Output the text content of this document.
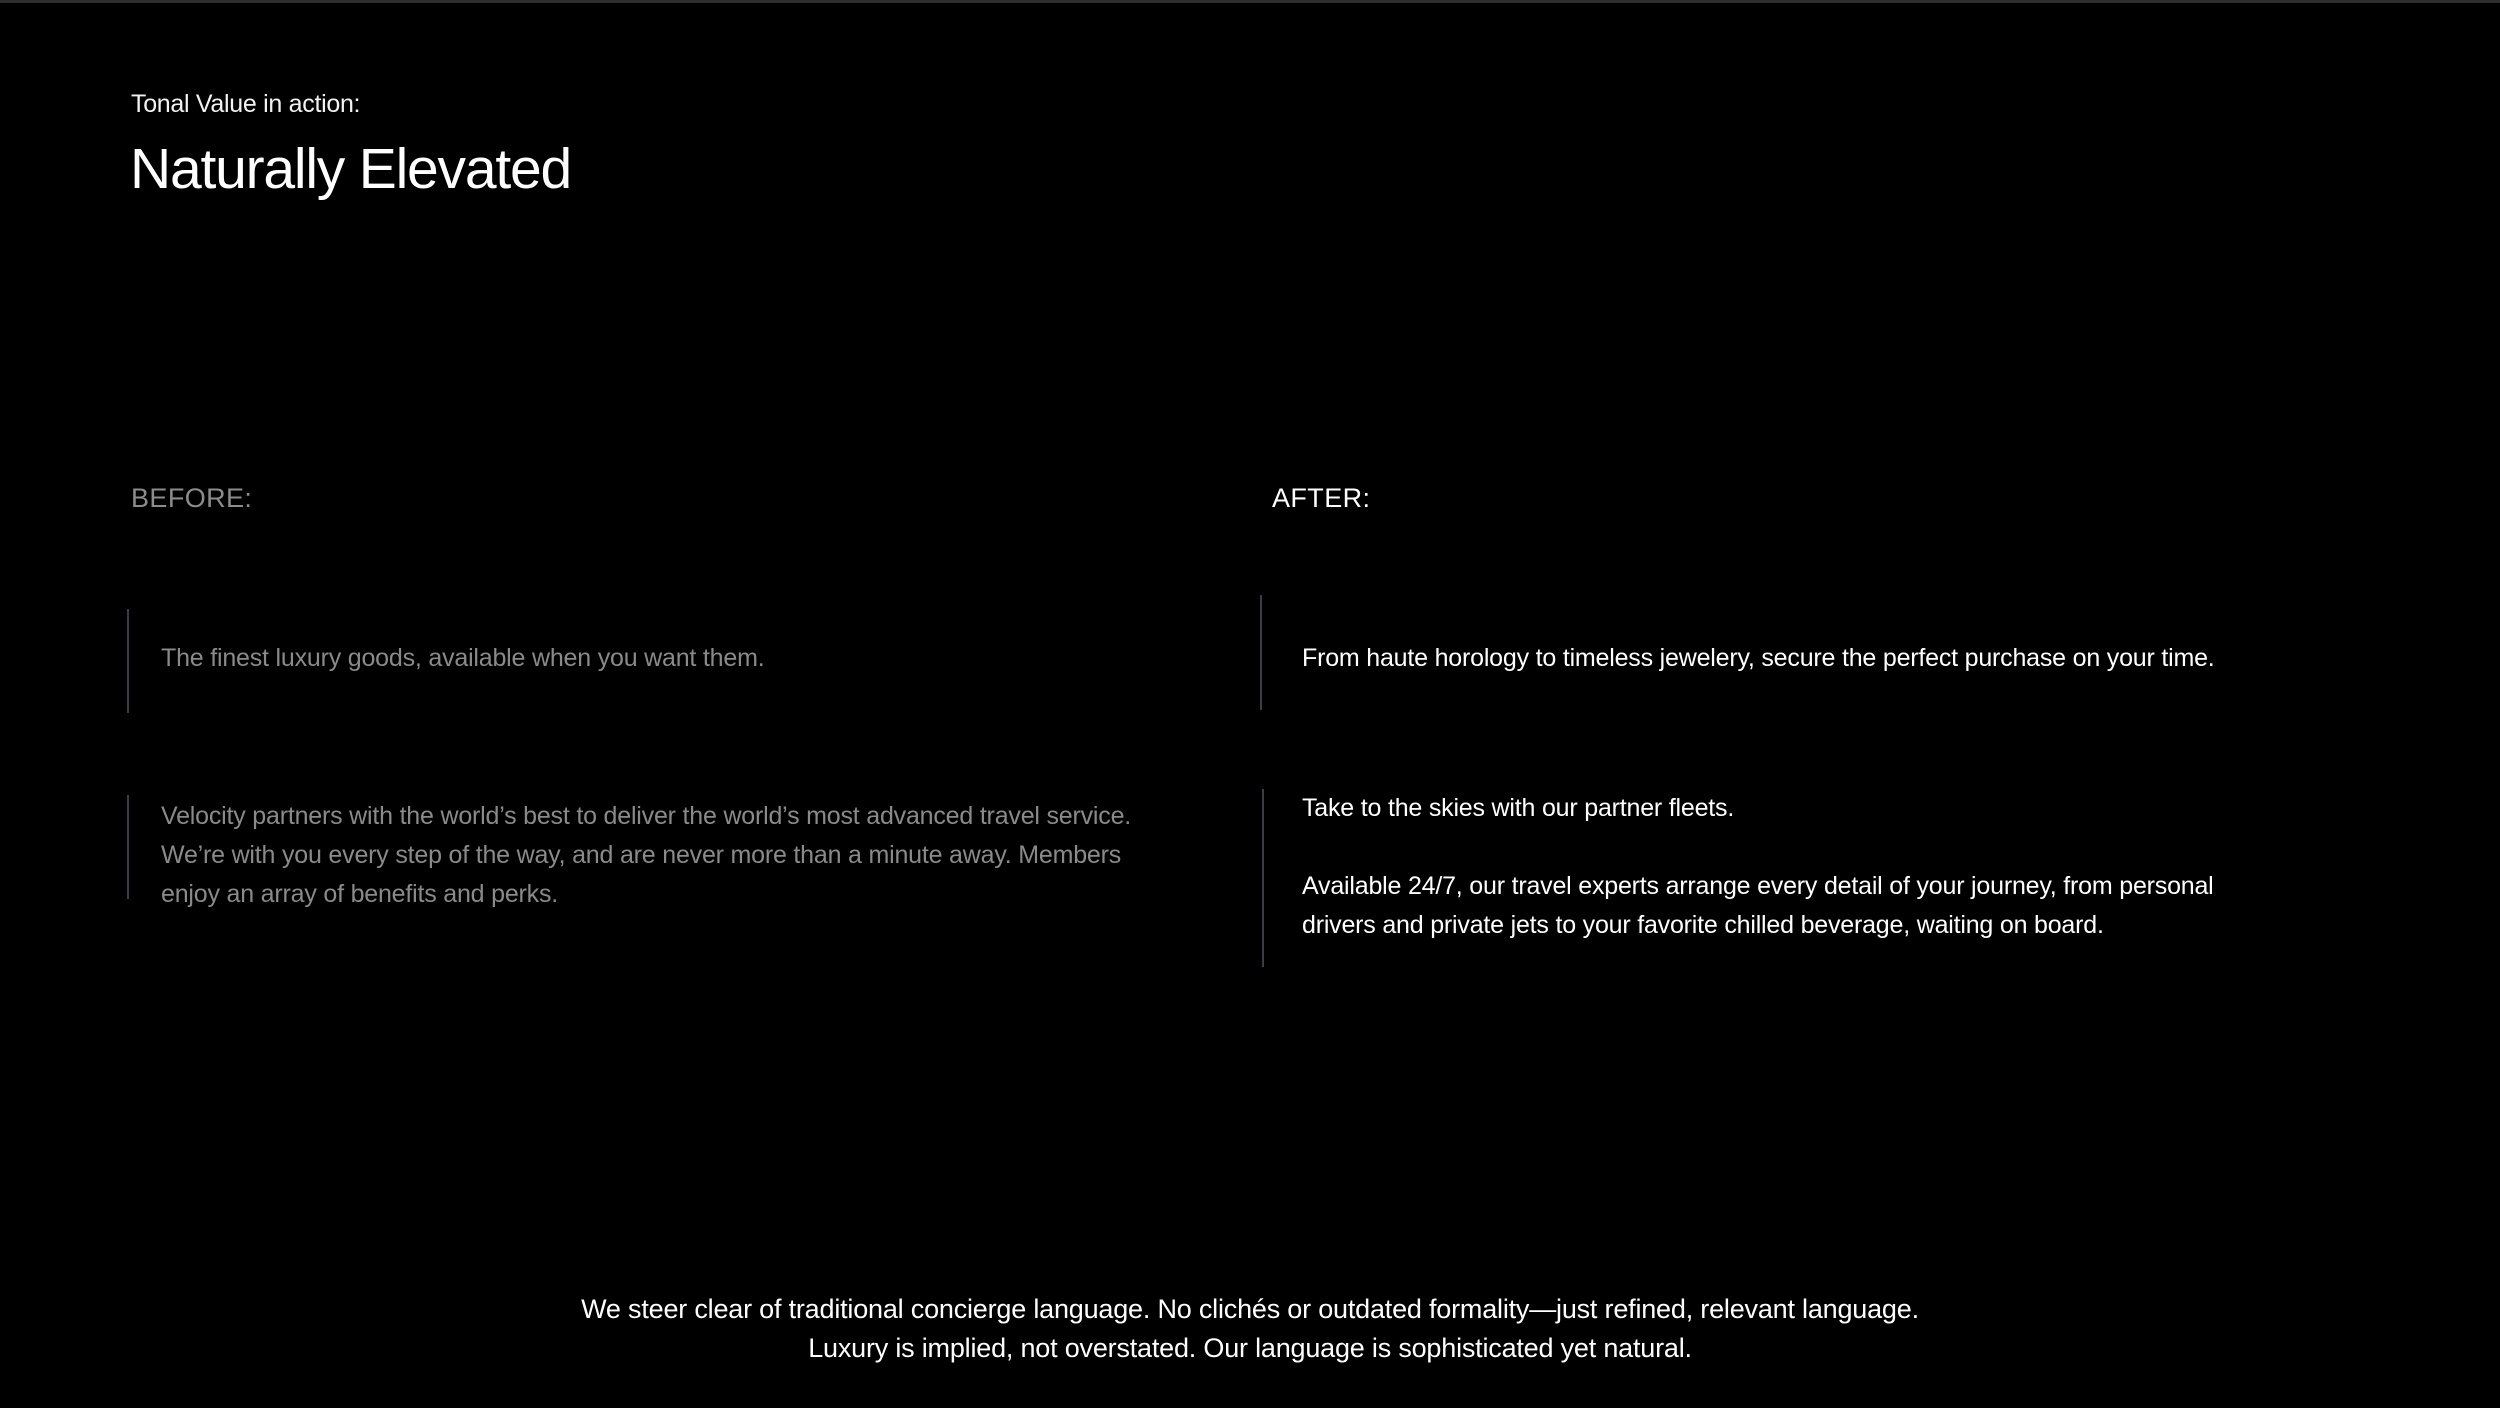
Tonal Value in action:
Naturally Elevated
BEFORE:	AFTER:

The finest luxury goods, available when you want them.

Velocity partners with the world’s best to deliver the world’s most advanced travel service.
We’re with you every step of the way, and are never more than a minute away. Members
enjoy an array of benefits and perks.

From haute horology to timeless jewelery, secure the perfect purchase on your time.

Take to the skies with our partner fleets.

Available 24/7, our travel experts arrange every detail of your journey, from personal
drivers and private jets to your favorite chilled beverage, waiting on board.

We steer clear of traditional concierge language. No clichés or outdated formality—just refined, relevant language.
Luxury is implied, not overstated. Our language is sophisticated yet natural.
